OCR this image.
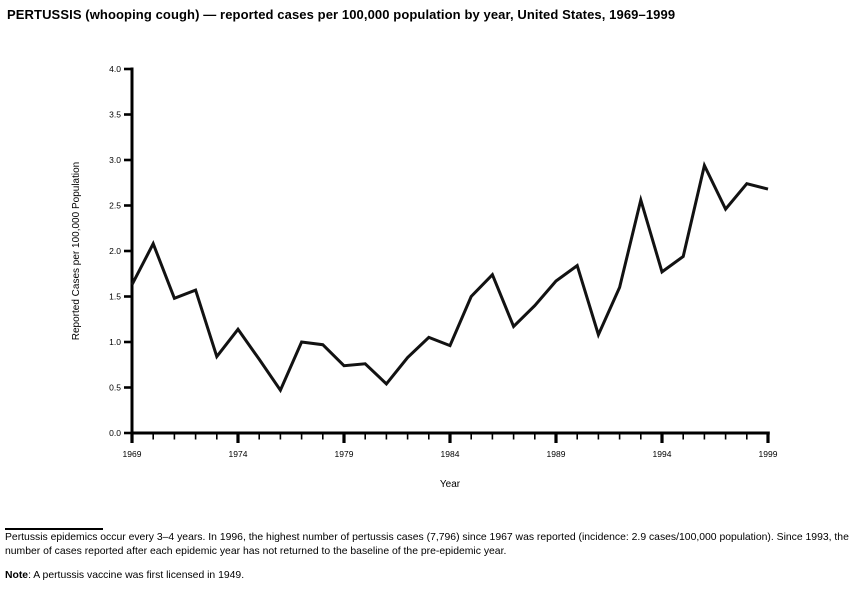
PERTUSSIS (whooping cough) — reported cases per 100,000 population by year, United States, 1969–1999
Reported Cases per 100,000 Population
Year
0.0
0.5
1.0
1.5
2.0
2.5
3.0
3.5
4.0
1969	1974	1979	1984	1989	1994	1999

Pertussis epidemics occur every 3–4 years. In 1996, the highest number of pertussis cases (7,796) since 1967 was reported (incidence: 2.9 cases/100,000 population). Since 1993, the number of cases reported after each epidemic year has not returned to the baseline of the pre-epidemic year.

Note: A pertussis vaccine was first licensed in 1949.
